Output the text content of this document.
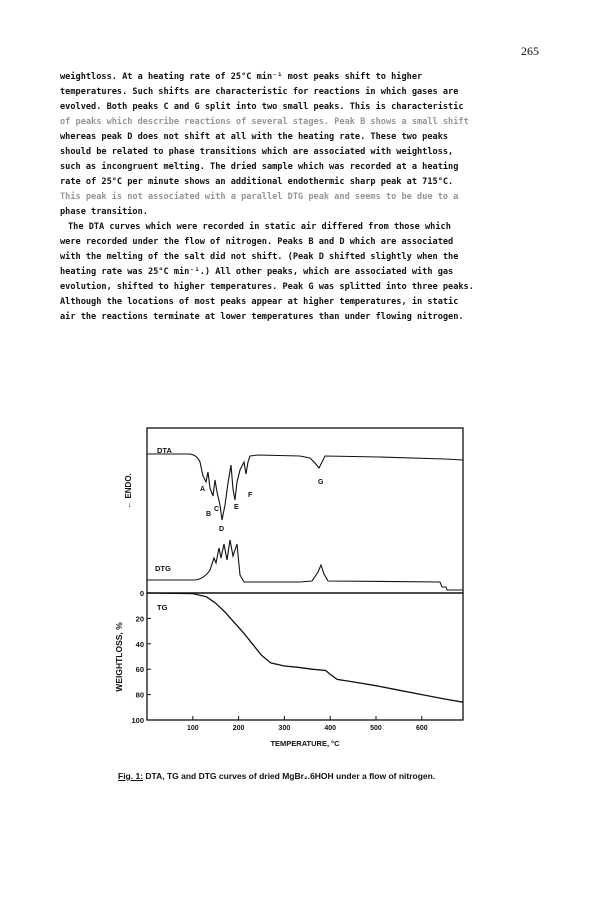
265

weightloss. At a heating rate of 25°C min⁻¹ most peaks shift to higher
temperatures. Such shifts are characteristic for reactions in which gases are
evolved. Both peaks C and G split into two small peaks. This is characteristic
of peaks which describe reactions of several stages. Peak B shows a small shift
whereas peak D does not shift at all with the heating rate. These two peaks
should be related to phase transitions which are associated with weightloss,
such as incongruent melting. The dried sample which was recorded at a heating
rate of 25°C per minute shows an additional endothermic sharp peak at 715°C.
This peak is not associated with a parallel DTG peak and seems to be due to a
phase transition.

The DTA curves which were recorded in static air differed from those which
were recorded under the flow of nitrogen. Peaks B and D which are associated
with the melting of the salt did not shift. (Peak D shifted slightly when the
heating rate was 25°C min⁻¹.) All other peaks, which are associated with gas
evolution, shifted to higher temperatures. Peak G was splitted into three peaks.
Although the locations of most peaks appear at higher temperatures, in static
air the reactions terminate at lower temperatures than under flowing nitrogen.

100	200	300	400	500	600
0
20
40
60
80
100
DTA
DTG
TG
A
B
C
D
E
F
G
← ENDO.
WEIGHTLOSS, %
TEMPERATURE, °C
Fig. 1: DTA, TG and DTG curves of dried MgBr₂.6HOH under a flow of nitrogen.
